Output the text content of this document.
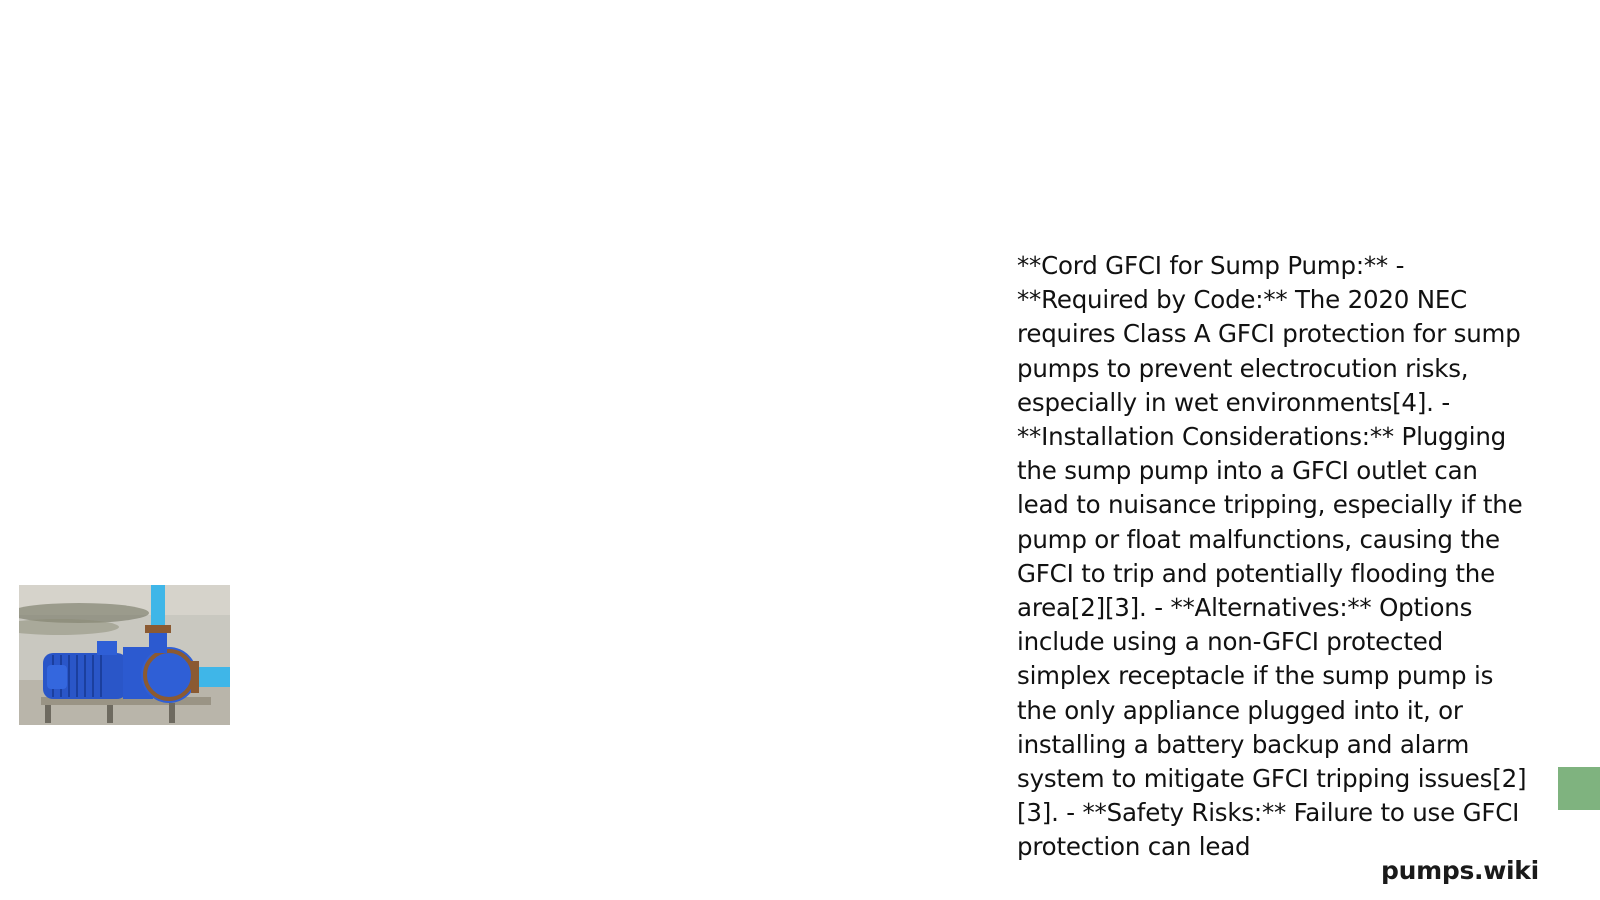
**Cord GFCI for Sump Pump:** - **Required by Code:** The 2020 NEC requires Class A GFCI protection for sump pumps to prevent electrocution risks, especially in wet environments[4]. - **Installation Considerations:** Plugging the sump pump into a GFCI outlet can lead to nuisance tripping, especially if the pump or float malfunctions, causing the GFCI to trip and potentially flooding the area[2][3]. - **Alternatives:** Options include using a non-GFCI protected simplex receptacle if the sump pump is the only appliance plugged into it, or installing a battery backup and alarm system to mitigate GFCI tripping issues[2][3]. - **Safety Risks:** Failure to use GFCI protection can lead

pumps.wiki
